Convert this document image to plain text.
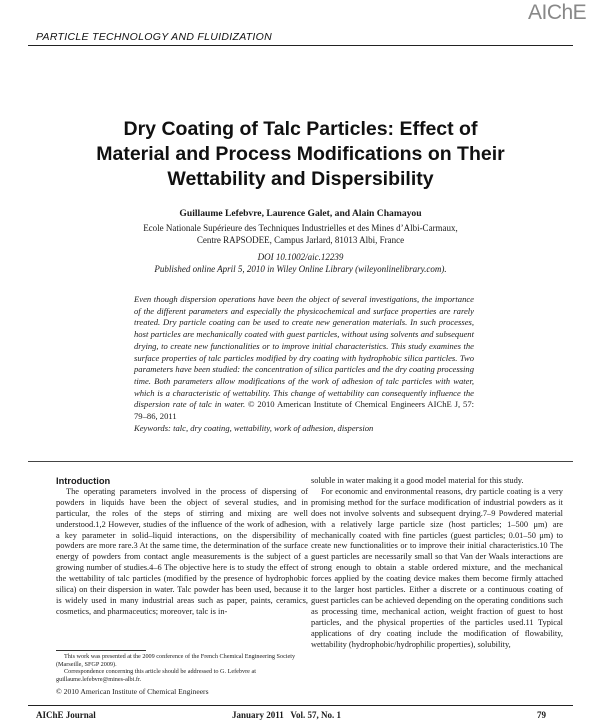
AIChE
PARTICLE TECHNOLOGY AND FLUIDIZATION
Dry Coating of Talc Particles: Effect of
Material and Process Modifications on Their
Wettability and Dispersibility
Guillaume Lefebvre, Laurence Galet, and Alain Chamayou
Ecole Nationale Supérieure des Techniques Industrielles et des Mines d’Albi-Carmaux,
Centre RAPSODEE, Campus Jarlard, 81013 Albi, France
DOI 10.1002/aic.12239
Published online April 5, 2010 in Wiley Online Library (wileyonlinelibrary.com).
Even though dispersion operations have been the object of several investigations, the importance of the different parameters and especially the physicochemical and surface properties are rarely treated. Dry particle coating can be used to create new generation materials. In such processes, host particles are mechanically coated with guest particles, without using solvents and subsequent drying, to create new functionalities or to improve initial characteristics. This study examines the surface properties of talc particles modified by dry coating with hydrophobic silica particles. Two parameters have been studied: the concentration of silica particles and the dry coating processing time. Both parameters allow modifications of the work of adhesion of talc particles with water, which is a characteristic of wettability. This change of wettability can consequently influence the dispersion rate of talc in water. © 2010 American Institute of Chemical Engineers AIChE J, 57: 79–86, 2011
Keywords: talc, dry coating, wettability, work of adhesion, dispersion

Introduction

The operating parameters involved in the process of dispersing of powders in liquids have been the object of several studies, and in particular, the roles of the steps of stirring and mixing are well understood.1,2 However, studies of the influence of the work of adhesion, a key parameter in solid–liquid interactions, on the dispersibility of powders are more rare.3 At the same time, the determination of the surface energy of powders from contact angle measurements is the subject of a growing number of studies.4–6 The objective here is to study the effect of the wettability of talc particles (modified by the presence of hydrophobic silica) on their dispersion in water. Talc powder has been used, because it is widely used in many industrial areas such as paper, paints, ceramics, cosmetics, and pharmaceutics; moreover, talc is in-

soluble in water making it a good model material for this study.

For economic and environmental reasons, dry particle coating is a very promising method for the surface modification of industrial powders as it does not involve solvents and subsequent drying.7–9 Powdered material with a relatively large particle size (host particles; 1–500 μm) are mechanically coated with fine particles (guest particles; 0.01–50 μm) to create new functionalities or to improve their initial characteristics.10 The guest particles are necessarily small so that Van der Waals interactions are strong enough to obtain a stable ordered mixture, and the mechanical forces applied by the coating device makes them become firmly attached to the larger host particles. Either a discrete or a continuous coating of guest particles can be achieved depending on the operating conditions such as processing time, mechanical action, weight fraction of guest to host particles, and the physical properties of the particles used.11 Typical applications of dry coating include the modification of flowability, wettability (hydrophobic/hydrophilic properties), solubility,

This work was presented at the 2009 conference of the French Chemical Engineering Society (Marseille, SFGP 2009).

Correspondence concerning this article should be addressed to G. Lefebvre at guillaume.lefebvre@mines-albi.fr.

© 2010 American Institute of Chemical Engineers
AIChE Journal	January 2011   Vol. 57, No. 1	79
